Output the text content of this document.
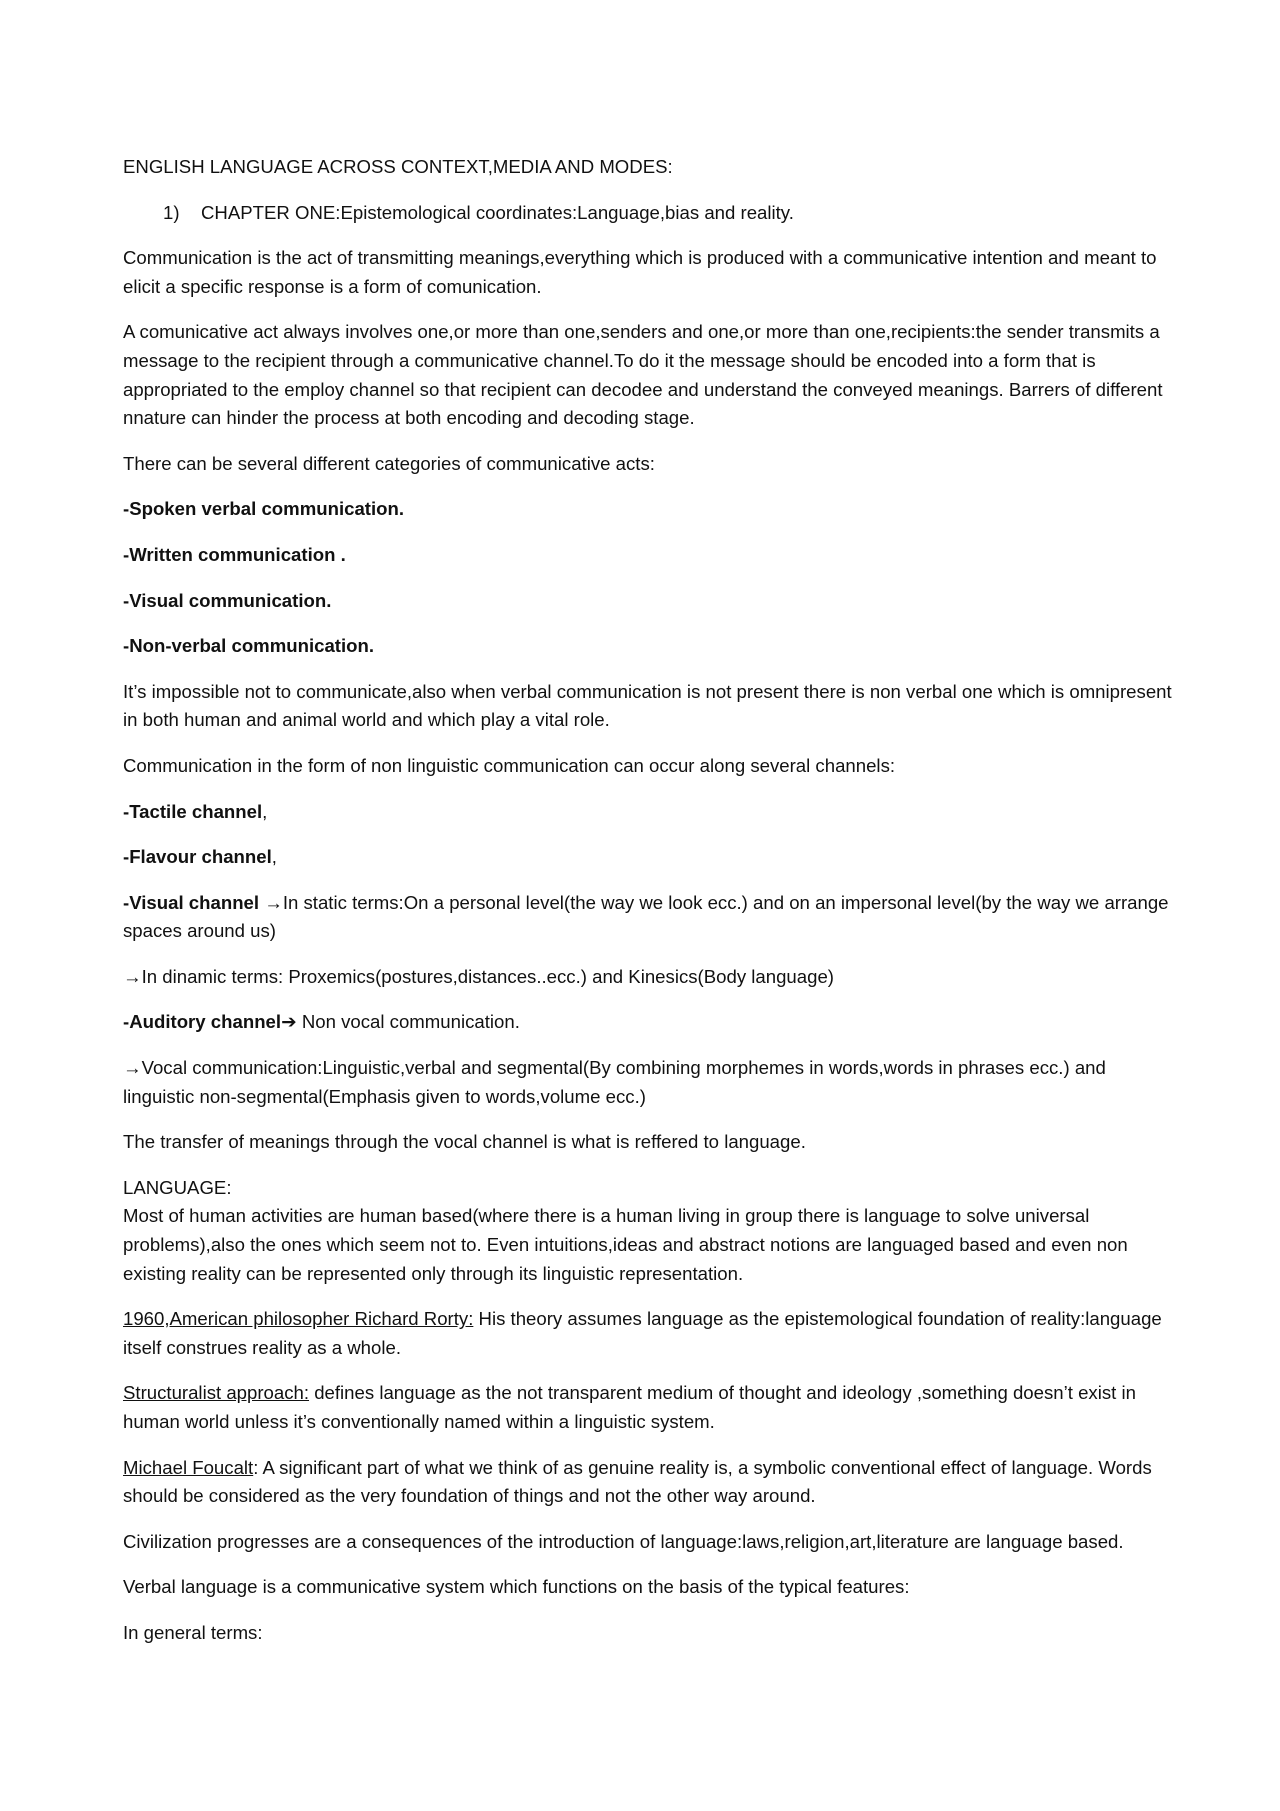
ENGLISH LANGUAGE ACROSS CONTEXT,MEDIA AND MODES:

1)	CHAPTER ONE:Epistemological coordinates:Language,bias and reality.

Communication is the act of transmitting meanings,everything which is produced with a communicative intention and meant to elicit a specific response is a form of comunication.

A comunicative act always involves one,or more than one,senders and one,or more than one,recipients:the sender transmits a message to the recipient through a communicative channel.To do it the message should be encoded into a form that is appropriated to the employ channel so that recipient can decodee and understand the conveyed meanings. Barrers of different nnature can hinder the process at both encoding and decoding stage.

There can be several different categories of communicative acts:

-Spoken verbal communication.

-Written communication .

-Visual communication.

-Non-verbal communication.

It’s impossible not to communicate,also when verbal communication is not present there is non verbal one which is omnipresent in both human and animal world and which play a vital role.

Communication in the form of non linguistic communication can occur along several channels:

-Tactile channel,

-Flavour channel,

-Visual channel →In static terms:On a personal level(the way we look ecc.) and on an impersonal level(by the way we arrange spaces around us)

→In dinamic terms: Proxemics(postures,distances..ecc.) and Kinesics(Body language)

-Auditory channel➔ Non vocal communication.

→Vocal communication:Linguistic,verbal and segmental(By combining morphemes in words,words in phrases ecc.) and linguistic non-segmental(Emphasis given to words,volume ecc.)

The transfer of meanings through the vocal channel is what is reffered to language.

LANGUAGE:

Most of human activities are human based(where there is a human living in group there is language to solve universal problems),also the ones which seem not to. Even intuitions,ideas and abstract notions are languaged based and even non existing reality can be represented only through its linguistic representation.

1960,American philosopher Richard Rorty: His theory assumes language as the epistemological foundation of reality:language itself construes reality as a whole.

Structuralist approach: defines language as the not transparent medium of thought and ideology ,something doesn’t exist in human world unless it’s conventionally named within a linguistic system.

Michael Foucalt: A significant part of what we think of as genuine reality is, a symbolic conventional effect of language. Words should be considered as the very foundation of things and not the other way around.

Civilization progresses are a consequences of the introduction of language:laws,religion,art,literature are language based.

Verbal language is a communicative system which functions on the basis of the typical features:

In general terms:
